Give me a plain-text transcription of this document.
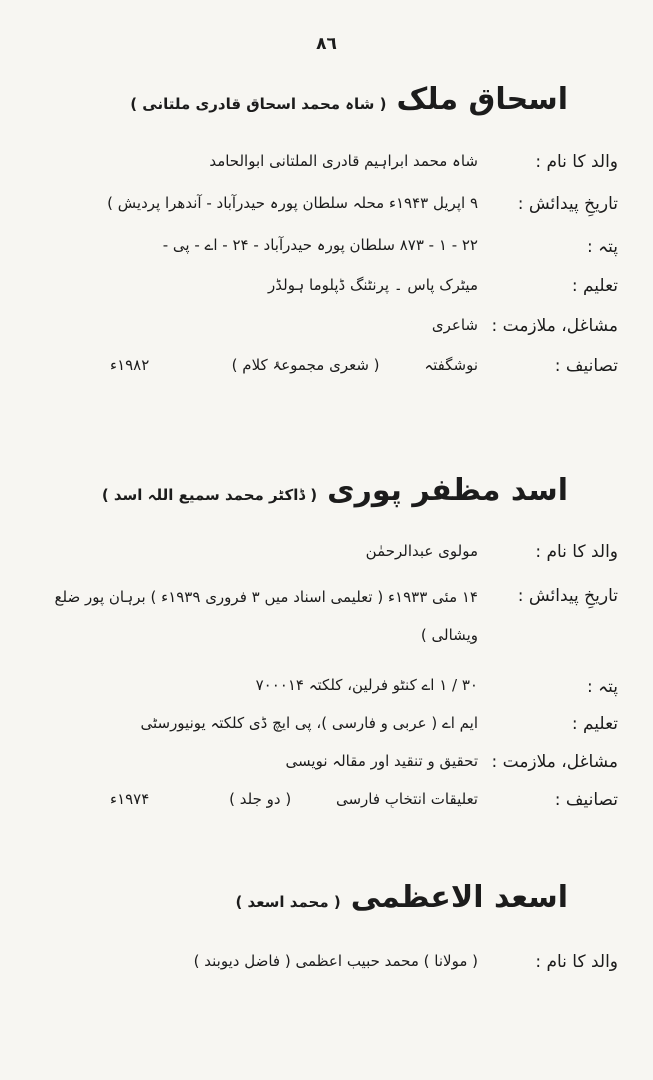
٨٦
اسحاق ملک
( شاہ محمد اسحاق قادری ملتانی )
والد کا نام :
شاہ محمد ابراہیم قادری الملتانی ابوالحامد
تاریخِ پیدائش :
۹ اپریل ۱۹۴۳ء محلہ سلطان پورہ حیدرآباد - آندھرا پردیش )
پتہ :
۲۲ - ۱ - ۸۷۳ سلطان پورہ حیدرآباد - ۲۴ - اے - پی -
تعلیم :
میٹرک پاس ۔ پرنٹنگ ڈپلوما ہولڈر
مشاغل، ملازمت :
شاعری
تصانیف :
نوشگفتہ ( شعری مجموعۂ کلام )
۱۹۸۲ء
اسد مظفر پوری
( ڈاکٹر محمد سمیع اللہ اسد )
والد کا نام :
مولوی عبدالرحمٰن
تاریخِ پیدائش :
۱۴ مئی ۱۹۳۳ء ( تعلیمی اسناد میں ۳ فروری ۱۹۳۹ء ) برہان پور ضلع ویشالی )
پتہ :
۳۰ / ۱ اے کنٹو فرلین، کلکتہ ۷۰۰۰۱۴
تعلیم :
ایم اے ( عربی و فارسی )، پی ایچ ڈی کلکتہ یونیورسٹی
مشاغل، ملازمت :
تحقیق و تنقید اور مقالہ نویسی
تصانیف :
تعلیقات انتخابِ فارسی ( دو جلد )
۱۹۷۴ء
اسعد الاعظمی
( محمد اسعد )
والد کا نام :
( مولانا ) محمد حبیب اعظمی ( فاضل دیوبند )
